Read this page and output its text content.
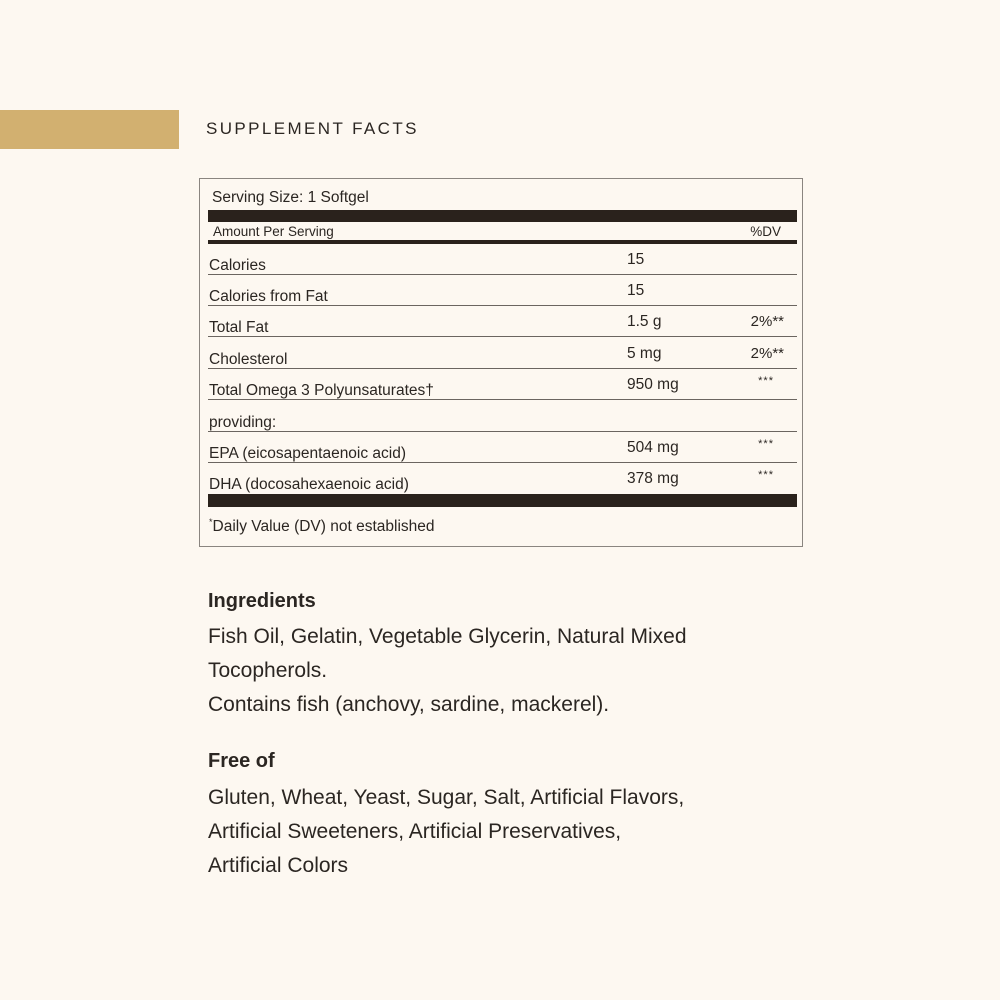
SUPPLEMENT FACTS
Serving Size: 1 Softgel
Amount Per Serving	%DV
Calories	15
Calories from Fat	15
Total Fat	1.5 g	2%**
Cholesterol	5 mg	2%**
Total Omega 3 Polyunsaturates†	950 mg	***
providing:
EPA (eicosapentaenoic acid)	504 mg	***
DHA (docosahexaenoic acid)	378 mg	***
*Daily Value (DV) not established
Ingredients
Fish Oil, Gelatin, Vegetable Glycerin, Natural Mixed
Tocopherols.
Contains fish (anchovy, sardine, mackerel).
Free of
Gluten, Wheat, Yeast, Sugar, Salt, Artificial Flavors,
Artificial Sweeteners, Artificial Preservatives,
Artificial Colors
